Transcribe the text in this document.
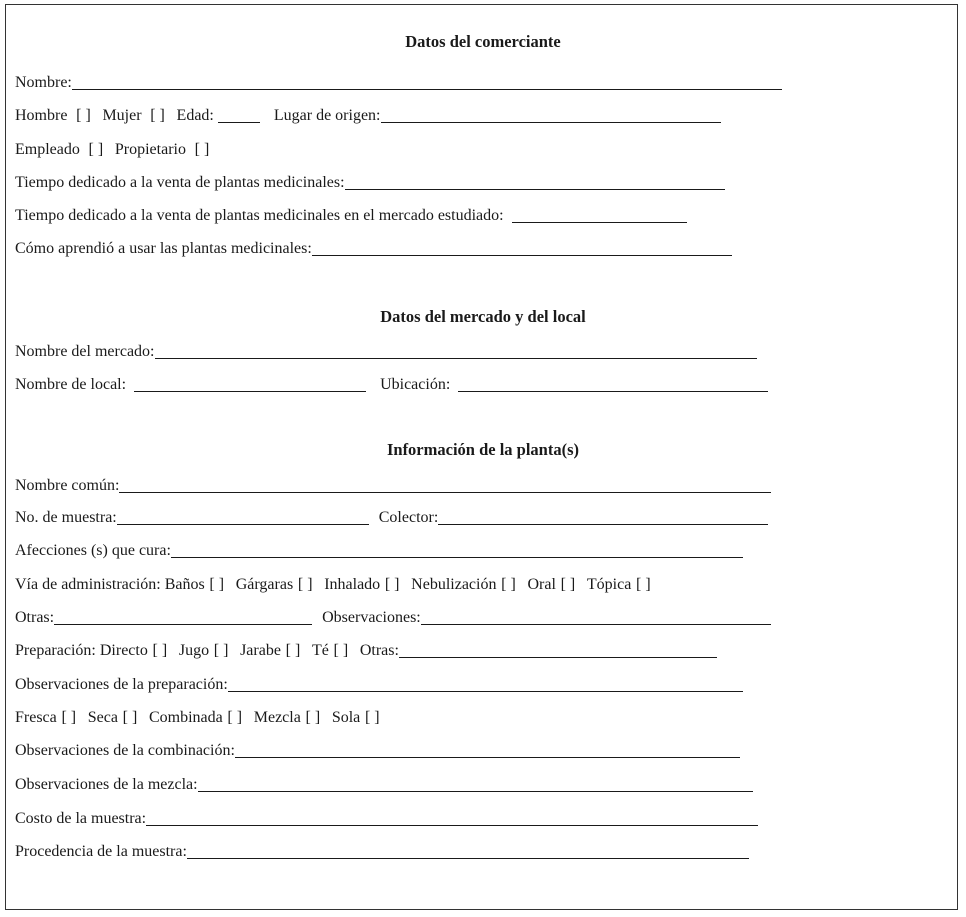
Datos del comerciante
Nombre:
Hombre [ ] Mujer [ ] Edad:	Lugar de origen:
Empleado [ ] Propietario [ ]
Tiempo dedicado a la venta de plantas medicinales:
Tiempo dedicado a la venta de plantas medicinales en el mercado estudiado:
Cómo aprendió a usar las plantas medicinales:
Datos del mercado y del local
Nombre del mercado:
Nombre de local:	Ubicación:
Información de la planta(s)
Nombre común:
No. de muestra:	Colector:
Afecciones (s) que cura:
Vía de administración: Baños [ ] Gárgaras [ ] Inhalado [ ] Nebulización [ ] Oral [ ] Tópica [ ]
Otras:	Observaciones:
Preparación: Directo [ ] Jugo [ ] Jarabe [ ] Té [ ] Otras:
Observaciones de la preparación:
Fresca [ ] Seca [ ] Combinada [ ] Mezcla [ ] Sola [ ]
Observaciones de la combinación:
Observaciones de la mezcla:
Costo de la muestra:
Procedencia de la muestra:
